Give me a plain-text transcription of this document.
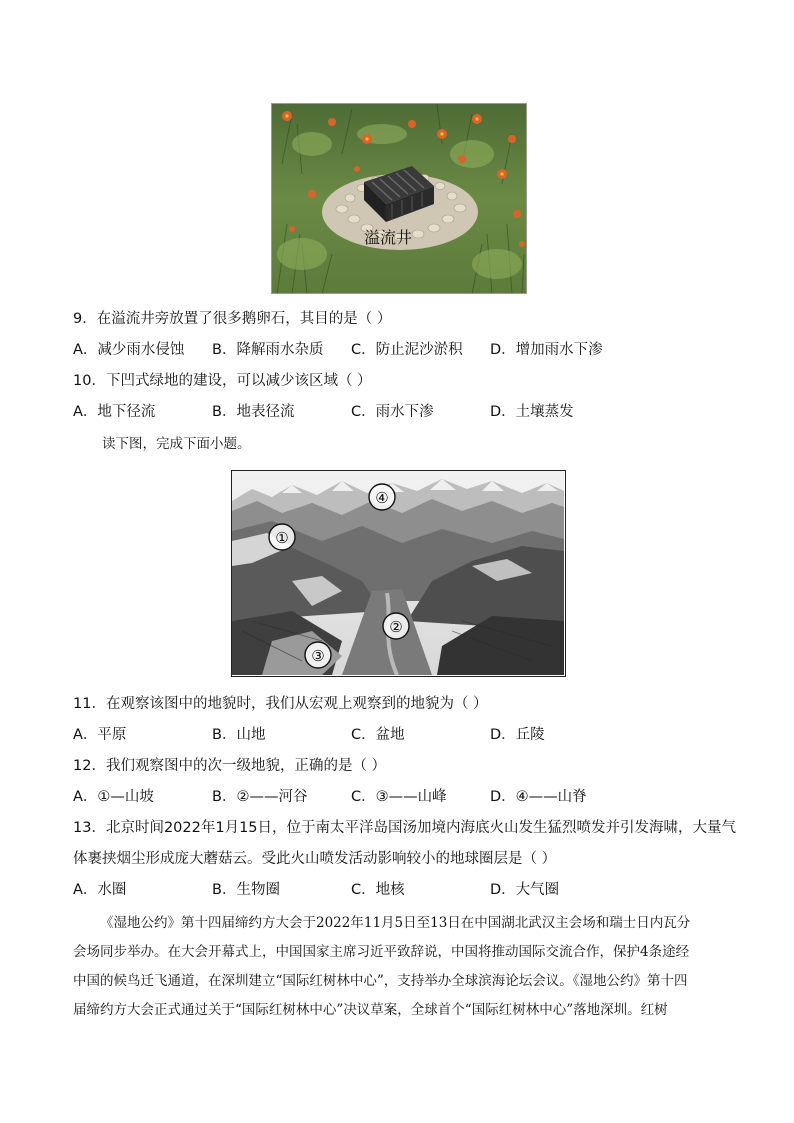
溢流井
9．在溢流井旁放置了很多鹅卵石，其目的是（ ）
A．减少雨水侵蚀 B．降解雨水杂质 C．防止泥沙淤积 D．增加雨水下渗
10．下凹式绿地的建设，可以减少该区域（ ）
A．地下径流	B．地表径流	C．雨水下渗	D．土壤蒸发
读下图，完成下面小题。
④
①
②
③
11．在观察该图中的地貌时，我们从宏观上观察到的地貌为（ ）
A．平原	B．山地	C．盆地	D．丘陵
12．我们观察图中的次一级地貌，正确的是（ ）
A．①—山坡	B．②——河谷	C．③——山峰	D．④——山脊
13．北京时间2022年1月15日，位于南太平洋岛国汤加境内海底火山发生猛烈喷发并引发海啸，大量气
体裹挟烟尘形成庞大蘑菇云。受此火山喷发活动影响较小的地球圈层是（ ）
A．水圈	B．生物圈	C．地核	D．大气圈
《湿地公约》第十四届缔约方大会于2022年11月5日至13日在中国湖北武汉主会场和瑞士日内瓦分
会场同步举办。在大会开幕式上，中国国家主席习近平致辞说，中国将推动国际交流合作，保护4条途经
中国的候鸟迁飞通道，在深圳建立“国际红树林中心”，支持举办全球滨海论坛会议。《湿地公约》第十四
届缔约方大会正式通过关于“国际红树林中心”决议草案，全球首个“国际红树林中心”落地深圳。红树
